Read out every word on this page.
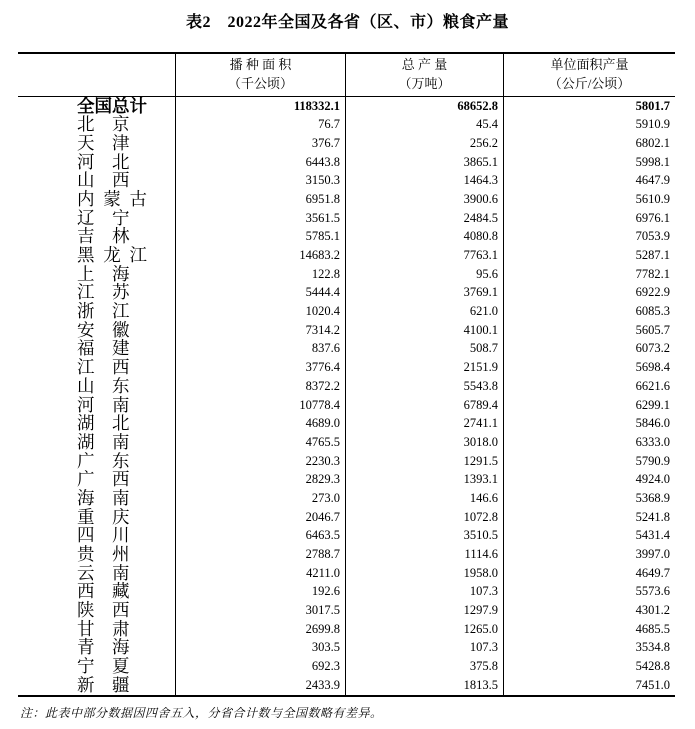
表2　2022年全国及各省（区、市）粮食产量
播 种 面 积
（千公顷）
总 产 量
（万吨）
单位面积产量
（公斤/公顷）
全国总计	118332.1	68652.8	5801.7
北京	76.7	45.4	5910.9
天津	376.7	256.2	6802.1
河北	6443.8	3865.1	5998.1
山西	3150.3	1464.3	4647.9
内蒙古	6951.8	3900.6	5610.9
辽宁	3561.5	2484.5	6976.1
吉林	5785.1	4080.8	7053.9
黑龙江	14683.2	7763.1	5287.1
上海	122.8	95.6	7782.1
江苏	5444.4	3769.1	6922.9
浙江	1020.4	621.0	6085.3
安徽	7314.2	4100.1	5605.7
福建	837.6	508.7	6073.2
江西	3776.4	2151.9	5698.4
山东	8372.2	5543.8	6621.6
河南	10778.4	6789.4	6299.1
湖北	4689.0	2741.1	5846.0
湖南	4765.5	3018.0	6333.0
广东	2230.3	1291.5	5790.9
广西	2829.3	1393.1	4924.0
海南	273.0	146.6	5368.9
重庆	2046.7	1072.8	5241.8
四川	6463.5	3510.5	5431.4
贵州	2788.7	1114.6	3997.0
云南	4211.0	1958.0	4649.7
西藏	192.6	107.3	5573.6
陕西	3017.5	1297.9	4301.2
甘肃	2699.8	1265.0	4685.5
青海	303.5	107.3	3534.8
宁夏	692.3	375.8	5428.8
新疆	2433.9	1813.5	7451.0
注：此表中部分数据因四舍五入，分省合计数与全国数略有差异。
